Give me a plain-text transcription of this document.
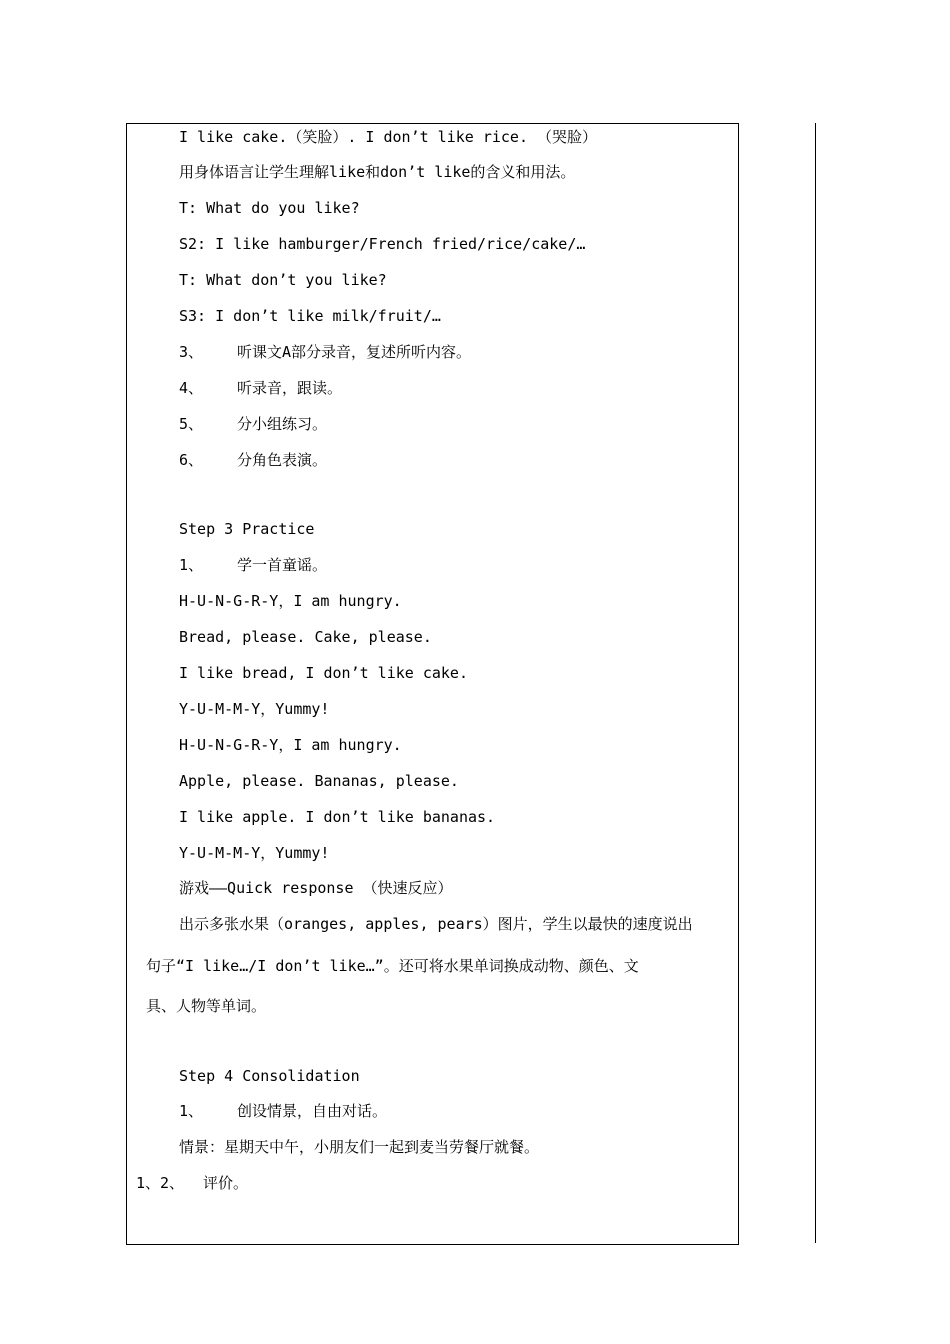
I like cake.（笑脸）. I don’t like rice. （哭脸）
用身体语言让学生理解like和don’t like的含义和用法。
T: What do you like?
S2: I like hamburger/French fried/rice/cake/…
T: What don’t you like?
S3: I don’t like milk/fruit/…
3、 听课文A部分录音，复述所听内容。
4、 听录音，跟读。
5、 分小组练习。
6、 分角色表演。
Step 3 Practice
1、 学一首童谣。
H-U-N-G-R-Y，I am hungry.
Bread, please. Cake, please.
I like bread, I don’t like cake.
Y-U-M-M-Y，Yummy!
H-U-N-G-R-Y，I am hungry.
Apple, please. Bananas, please.
I like apple. I don’t like bananas.
Y-U-M-M-Y，Yummy!
游戏——Quick response （快速反应）
出示多张水果（oranges, apples, pears）图片，学生以最快的速度说出
句子“I like…/I don’t like…”。还可将水果单词换成动物、颜色、文
具、人物等单词。
Step 4 Consolidation
1、 创设情景，自由对话。
情景：星期天中午，小朋友们一起到麦当劳餐厅就餐。
1、2、 评价。
